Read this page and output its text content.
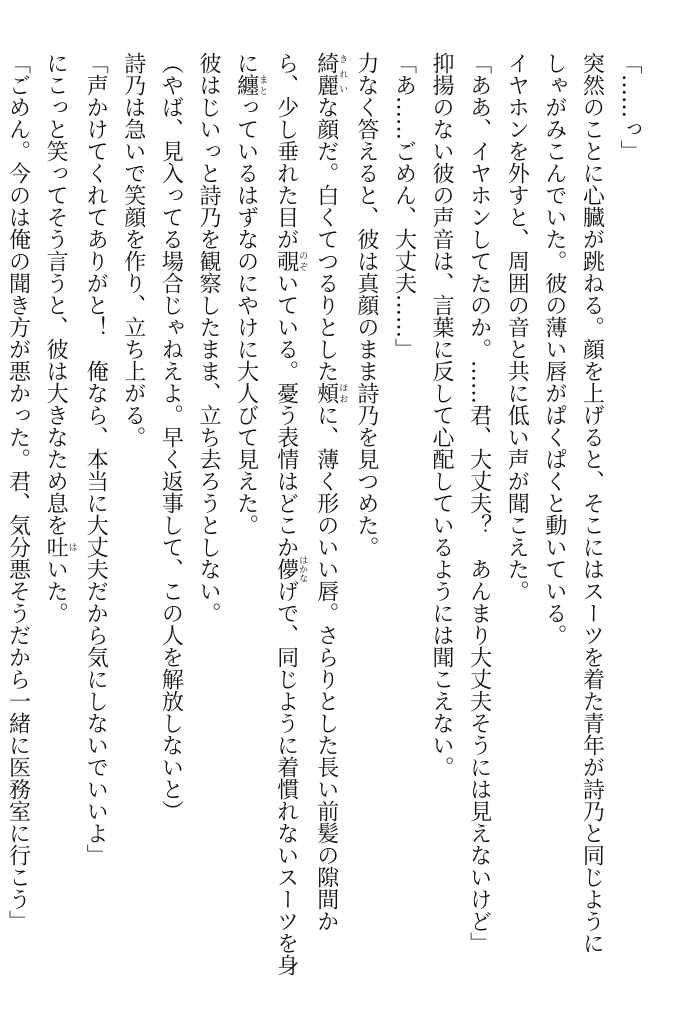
「……っ」
突然のことに心臓が跳ねる。顔を上げると、そこにはスーツを着た青年が詩乃と同じように
しゃがみこんでいた。彼の薄い唇がぱくぱくと動いている。
イヤホンを外すと、周囲の音と共に低い声が聞こえた。
「ああ、イヤホンしてたのか。……君、大丈夫？　あんまり大丈夫そうには見えないけど」
抑揚のない彼の声音は、言葉に反して心配しているようには聞こえない。
「あ……ごめん、大丈夫……」
力なく答えると、彼は真顔のまま詩乃を見つめた。
綺麗きれいな顔だ。白くてつるりとした頰ほおに、薄く形のいい唇。さらりとした長い前髪の隙間か
ら、少し垂れた目が覗のぞいている。憂う表情はどこか儚はかなげで、同じように着慣れないスーツを身
に纏まとっているはずなのにやけに大人びて見えた。
彼はじいっと詩乃を観察したまま、立ち去ろうとしない。
（やば、見入ってる場合じゃねえよ。早く返事して、この人を解放しないと）
詩乃は急いで笑顔を作り、立ち上がる。
「声かけてくれてありがと！　俺なら、本当に大丈夫だから気にしないでいいよ」
にこっと笑ってそう言うと、彼は大きなため息を吐はいた。
「ごめん。今のは俺の聞き方が悪かった。君、気分悪そうだから一緒に医務室に行こう」
